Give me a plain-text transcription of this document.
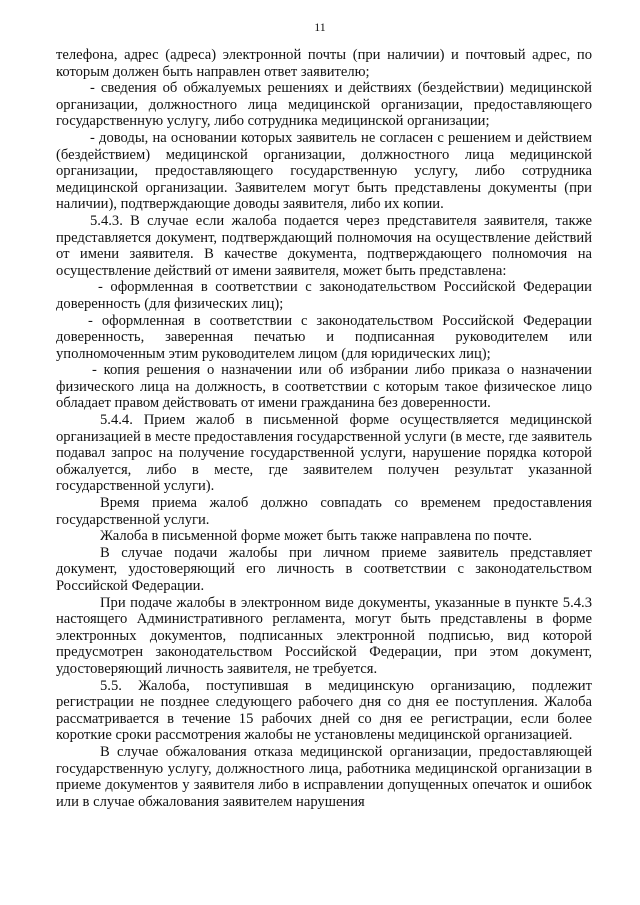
11

телефона, адрес (адреса) электронной почты (при наличии) и почтовый адрес, по которым должен быть направлен ответ заявителю;

- сведения об обжалуемых решениях и действиях (бездействии) медицинской организации, должностного лица медицинской организации, предоставляющего государственную услугу, либо сотрудника медицинской организации;

- доводы, на основании которых заявитель не согласен с решением и действием (бездействием) медицинской организации, должностного лица медицинской организации, предоставляющего государственную услугу, либо сотрудника медицинской организации. Заявителем могут быть представлены документы (при наличии), подтверждающие доводы заявителя, либо их копии.

5.4.3. В случае если жалоба подается через представителя заявителя, также представляется документ, подтверждающий полномочия на осуществление действий от имени заявителя. В качестве документа, подтверждающего полномочия на осуществление действий от имени заявителя, может быть представлена:

- оформленная в соответствии с законодательством Российской Федерации доверенность (для физических лиц);

- оформленная в соответствии с законодательством Российской Федерации доверенность, заверенная печатью и подписанная руководителем или уполномоченным этим руководителем лицом (для юридических лиц);

- копия решения о назначении или об избрании либо приказа о назначении физического лица на должность, в соответствии с которым такое физическое лицо обладает правом действовать от имени гражданина без доверенности.

5.4.4. Прием жалоб в письменной форме осуществляется медицинской организацией в месте предоставления государственной услуги (в месте, где заявитель подавал запрос на получение государственной услуги, нарушение порядка которой обжалуется, либо в месте, где заявителем получен результат указанной государственной услуги).

Время приема жалоб должно совпадать со временем предоставления государственной услуги.

Жалоба в письменной форме может быть также направлена по почте.

В случае подачи жалобы при личном приеме заявитель представляет документ, удостоверяющий его личность в соответствии с законодательством Российской Федерации.

При подаче жалобы в электронном виде документы, указанные в пункте 5.4.3 настоящего Административного регламента, могут быть представлены в форме электронных документов, подписанных электронной подписью, вид которой предусмотрен законодательством Российской Федерации, при этом документ, удостоверяющий личность заявителя, не требуется.

5.5. Жалоба, поступившая в медицинскую организацию, подлежит регистрации не позднее следующего рабочего дня со дня ее поступления. Жалоба рассматривается в течение 15 рабочих дней со дня ее регистрации, если более короткие сроки рассмотрения жалобы не установлены медицинской организацией.

В случае обжалования отказа медицинской организации, предоставляющей государственную услугу, должностного лица, работника медицинской организации в приеме документов у заявителя либо в исправлении допущенных опечаток и ошибок или в случае обжалования заявителем нарушения
